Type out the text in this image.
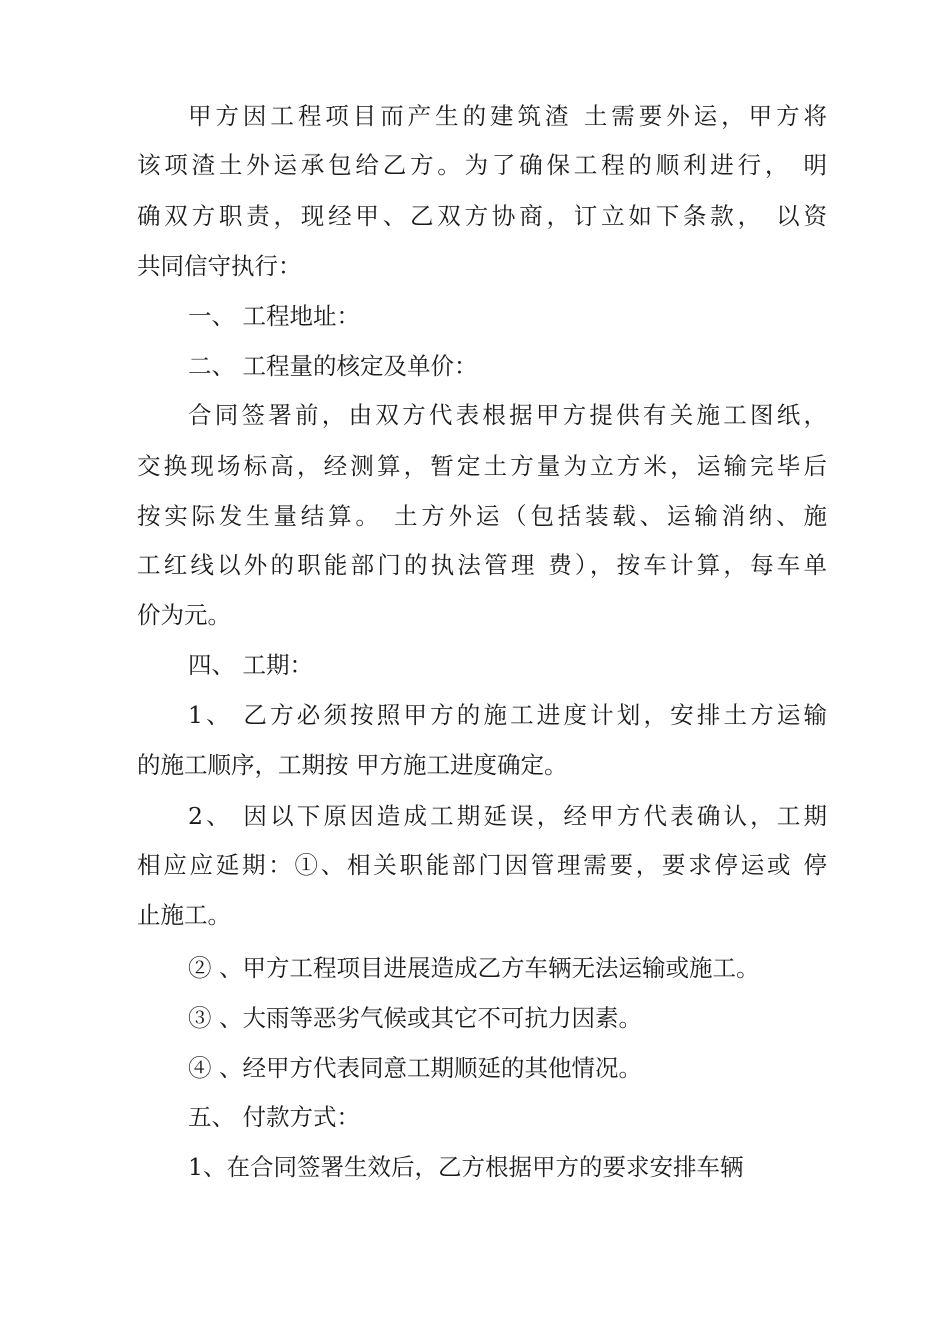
甲方因工程项目而产生的建筑渣 土需要外运，甲方将
该项渣土外运承包给乙方。为了确保工程的顺利进行， 明
确双方职责，现经甲、乙双方协商，订立如下条款， 以资
共同信守执行：
一、 工程地址：
二、 工程量的核定及单价：
合同签署前，由双方代表根据甲方提供有关施工图纸，
交换现场标高，经测算，暂定土方量为立方米，运输完毕后
按实际发生量结算。 土方外运（包括装载、运输消纳、施
工红线以外的职能部门的执法管理 费），按车计算，每车单
价为元。
四、 工期：
1、 乙方必须按照甲方的施工进度计划，安排土方运输
的施工顺序，工期按 甲方施工进度确定。
2、 因以下原因造成工期延误，经甲方代表确认，工期
相应应延期：①、相关职能部门因管理需要，要求停运或 停
止施工。
② 、甲方工程项目进展造成乙方车辆无法运输或施工。
③ 、大雨等恶劣气候或其它不可抗力因素。
④ 、经甲方代表同意工期顺延的其他情况。
五、 付款方式：
1、在合同签署生效后，乙方根据甲方的要求安排车辆
